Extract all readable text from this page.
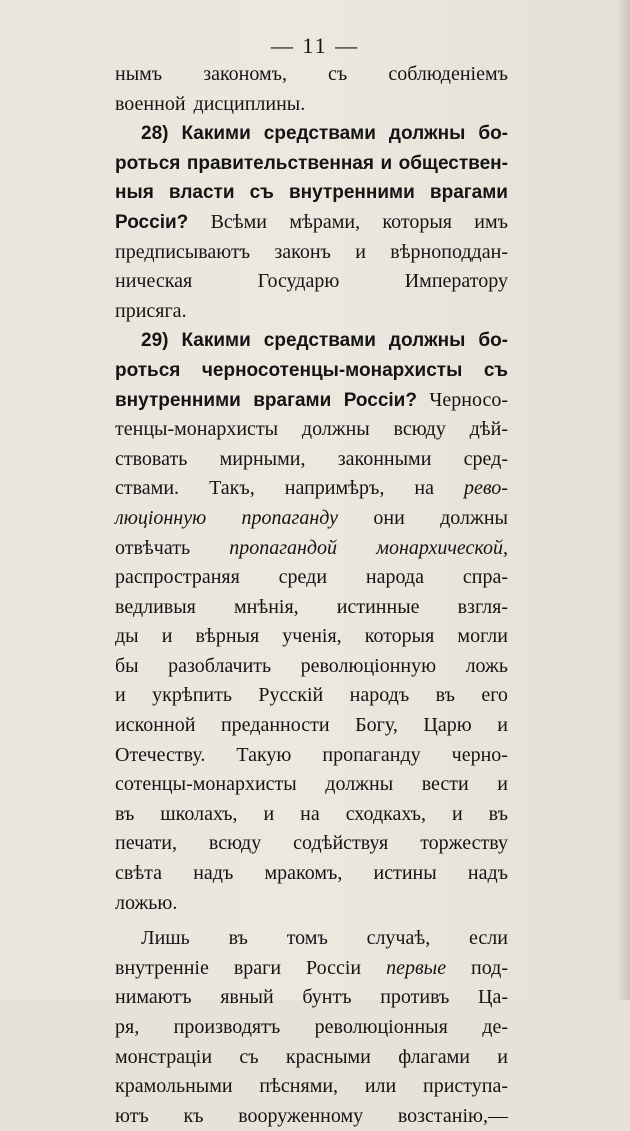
— 11 —
нымъ закономъ, съ соблюденіемъ
военной дисциплины.
28) Какими средствами должны бо-
роться правительственная и обществен-
ныя власти съ внутренними врагами
Россіи? Всѣми мѣрами, которыя имъ
предписываютъ законъ и вѣрноподдан-
ническая	Государю	Императору
присяга.
29) Какими средствами должны бо-
роться черносотенцы-монархисты съ
внутренними врагами Россіи? Черносо-
тенцы-монархисты должны всюду дѣй-
ствовать мирными, законными сред-
ствами. Такъ, напримѣръ, на рево-
люціонную пропаганду они должны
отвѣчать пропагандой монархической,
распространяя среди народа спра-
ведливыя мнѣнія, истинные взгля-
ды и вѣрныя ученія, которыя могли
бы разоблачить революціонную ложь
и укрѣпить Русскій народъ въ его
исконной преданности Богу, Царю и
Отечеству. Такую пропаганду черно-
сотенцы-монархисты должны вести и
въ школахъ, и на сходкахъ, и въ
печати, всюду содѣйствуя торжеству
свѣта надъ мракомъ, истины надъ
ложью.
Лишь въ томъ случаѣ, если
внутренніе враги Россіи первые под-
нимаютъ явный бунтъ противъ Ца-
ря, производятъ революціонныя де-
монстраціи съ красными флагами и
крамольными пѣснями, или приступа-
ютъ къ вооруженному возстанію,—
